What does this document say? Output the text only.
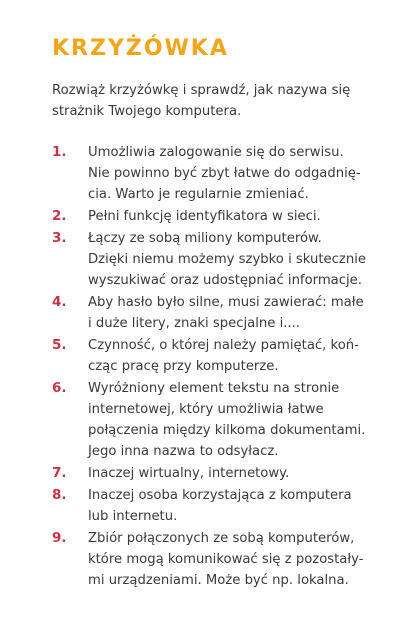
KRZYŻÓWKA

Rozwiąż krzyżówkę i sprawdź, jak nazywa się
strażnik Twojego komputera.

1. Umożliwia zalogowanie się do serwisu.
Nie powinno być zbyt łatwe do odgadnię-
cia. Warto je regularnie zmieniać.
2. Pełni funkcję identyfikatora w sieci.
3. Łączy ze sobą miliony komputerów.
Dzięki niemu możemy szybko i skutecznie
wyszukiwać oraz udostępniać informacje.
4. Aby hasło było silne, musi zawierać: małe
i duże litery, znaki specjalne i....
5. Czynność, o której należy pamiętać, koń-
cząc pracę przy komputerze.
6. Wyróżniony element tekstu na stronie
internetowej, który umożliwia łatwe
połączenia między kilkoma dokumentami.
Jego inna nazwa to odsyłacz.
7. Inaczej wirtualny, internetowy.
8. Inaczej osoba korzystająca z komputera
lub internetu.
9. Zbiór połączonych ze sobą komputerów,
które mogą komunikować się z pozostały-
mi urządzeniami. Może być np. lokalna.
